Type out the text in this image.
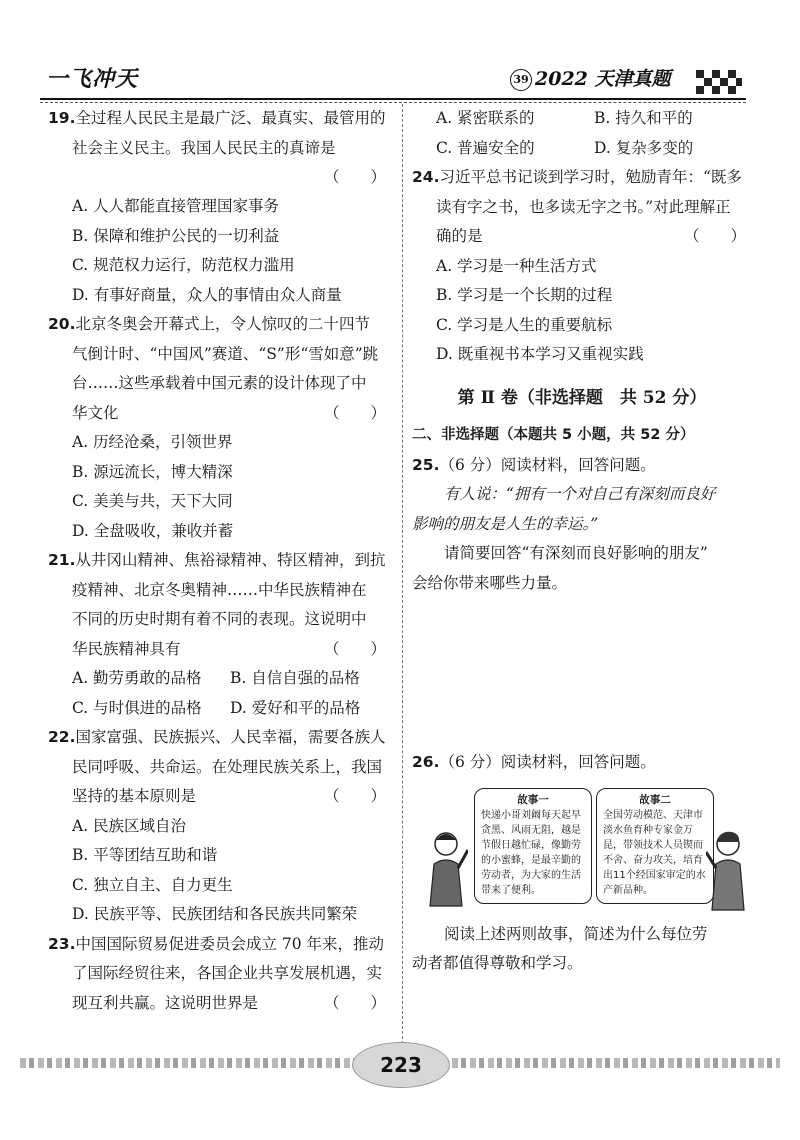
一飞冲天	39 2022 天津真题
19.全过程人民民主是最广泛、最真实、最管用的
社会主义民主。我国人民民主的真谛是
（　　）
A. 人人都能直接管理国家事务
B. 保障和维护公民的一切利益
C. 规范权力运行，防范权力滥用
D. 有事好商量，众人的事情由众人商量
20.北京冬奥会开幕式上，令人惊叹的二十四节
气倒计时、“中国风”赛道、“S”形“雪如意”跳
台……这些承载着中国元素的设计体现了中
华文化	（　　）
A. 历经沧桑，引领世界
B. 源远流长，博大精深
C. 美美与共，天下大同
D. 全盘吸收，兼收并蓄
21.从井冈山精神、焦裕禄精神、特区精神，到抗
疫精神、北京冬奥精神……中华民族精神在
不同的历史时期有着不同的表现。这说明中
华民族精神具有	（　　）
A. 勤劳勇敢的品格 B. 自信自强的品格
C. 与时俱进的品格 D. 爱好和平的品格
22.国家富强、民族振兴、人民幸福，需要各族人
民同呼吸、共命运。在处理民族关系上，我国
坚持的基本原则是	（　　）
A. 民族区域自治
B. 平等团结互助和谐
C. 独立自主、自力更生
D. 民族平等、民族团结和各民族共同繁荣
23.中国国际贸易促进委员会成立 70 年来，推动
了国际经贸往来，各国企业共享发展机遇，实
现互利共赢。这说明世界是	（　　）
A. 紧密联系的	B. 持久和平的
C. 普遍安全的	D. 复杂多变的
24.习近平总书记谈到学习时，勉励青年：“既多
读有字之书，也多读无字之书。”对此理解正
确的是	（　　）
A. 学习是一种生活方式
B. 学习是一个长期的过程
C. 学习是人生的重要航标
D. 既重视书本学习又重视实践
第 Ⅱ 卷（非选择题　共 52 分）
二、非选择题（本题共 5 小题，共 52 分）
25.（6 分）阅读材料，回答问题。
有人说：“拥有一个对自己有深刻而良好
影响的朋友是人生的幸运。”
请简要回答“有深刻而良好影响的朋友”
会给你带来哪些力量。
26.（6 分）阅读材料，回答问题。
故事一
快递小哥刘阚每天起早贪黑、风雨无阻，越是节假日越忙碌，像勤劳的小蜜蜂，是最辛勤的劳动者，为大家的生活带来了便利。
故事二
全国劳动模范、天津市淡水鱼育种专家金万昆，带领技术人员锲而不舍、奋力攻关，培育出11个经国家审定的水产新品种。
阅读上述两则故事，简述为什么每位劳
动者都值得尊敬和学习。
223
